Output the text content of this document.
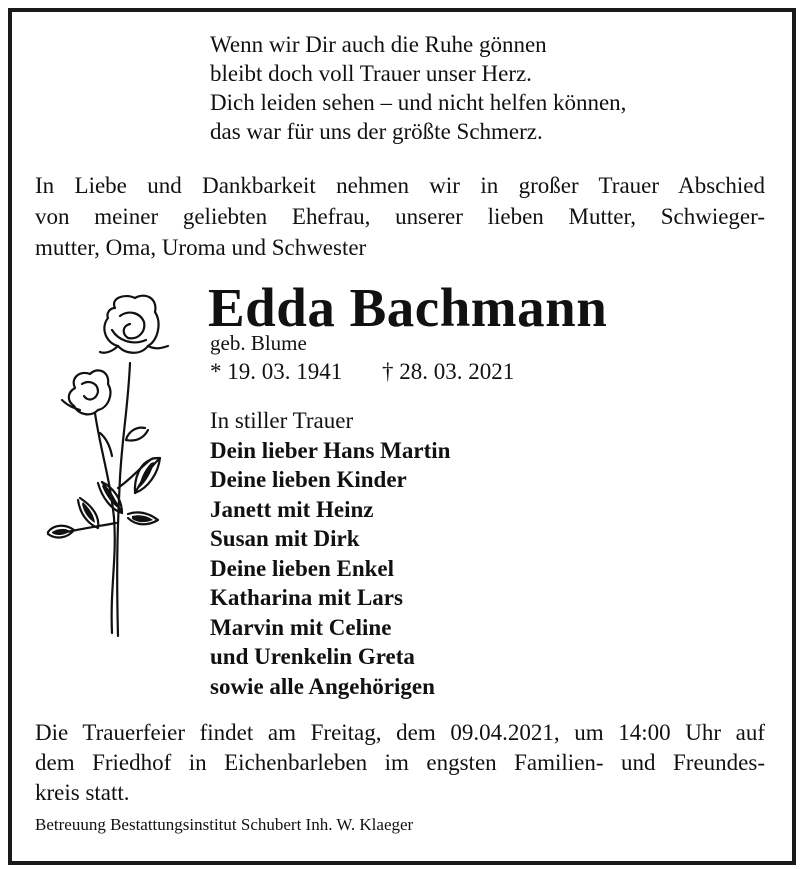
Wenn wir Dir auch die Ruhe gönnen
bleibt doch voll Trauer unser Herz.
Dich leiden sehen – und nicht helfen können,
das war für uns der größte Schmerz.
In Liebe und Dankbarkeit nehmen wir in großer Trauer Abschied
von meiner geliebten Ehefrau, unserer lieben Mutter, Schwieger-
mutter, Oma, Uroma und Schwester
Edda Bachmann
geb. Blume
* 19. 03. 1941 † 28. 03. 2021
In stiller Trauer
Dein lieber Hans Martin
Deine lieben Kinder
Janett mit Heinz
Susan mit Dirk
Deine lieben Enkel
Katharina mit Lars
Marvin mit Celine
und Urenkelin Greta
sowie alle Angehörigen
Die Trauerfeier findet am Freitag, dem 09.04.2021, um 14:00 Uhr auf
dem Friedhof in Eichenbarleben im engsten Familien- und Freundes-
kreis statt.
Betreuung Bestattungsinstitut Schubert Inh. W. Klaeger
